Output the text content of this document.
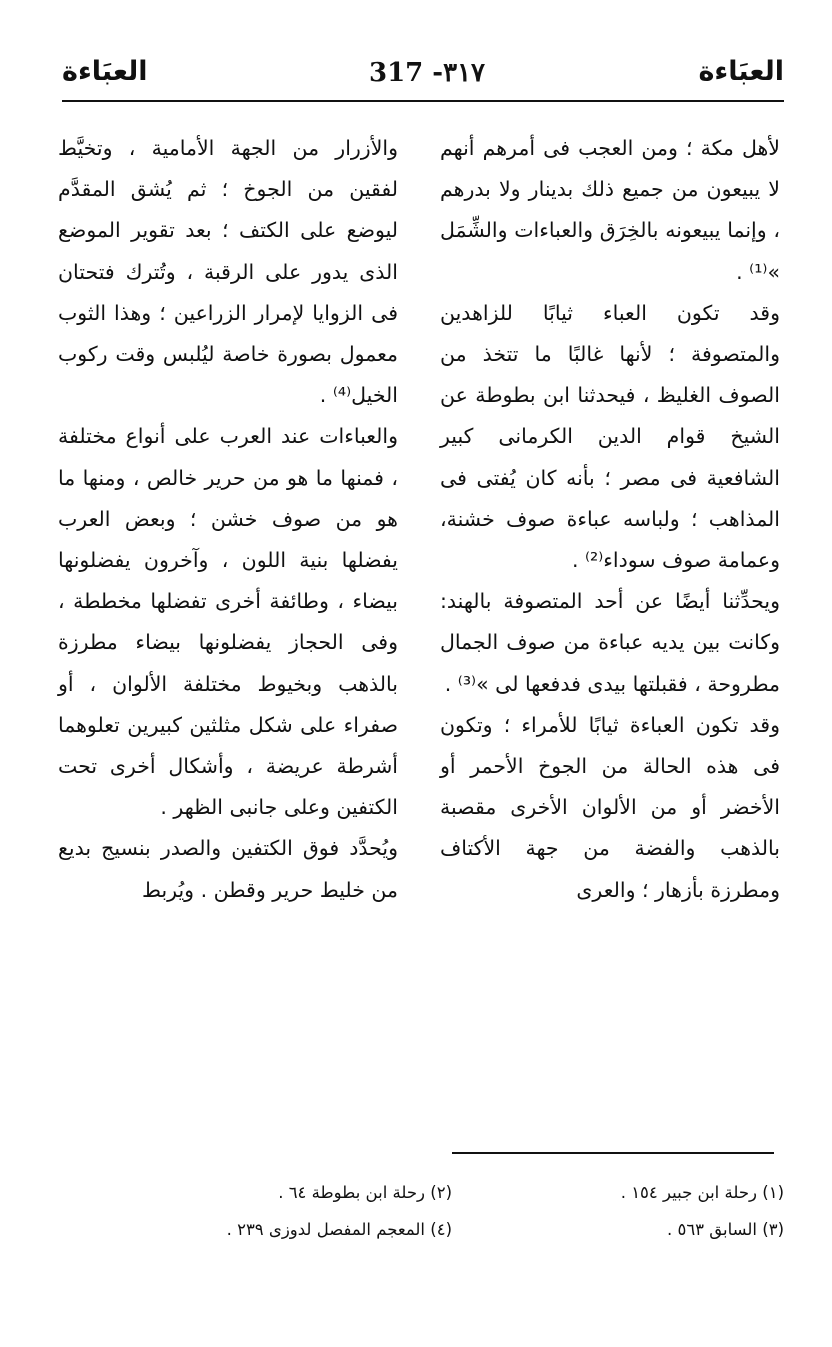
العبَاءة
317 -٣١٧
العبَاءة

لأهل مكة ؛ ومن العجب فى أمرهم أنهم لا يبيعون من جميع ذلك بدينار ولا بدرهم ، وإنما يبيعونه بالخِرَق والعباءات والشِّمَل »⁽¹⁾ .

وقد تكون العباء ثيابًا للزاهدين والمتصوفة ؛ لأنها غالبًا ما تتخذ من الصوف الغليظ ، فيحدثنا ابن بطوطة عن الشيخ قوام الدين الكرمانى كبير الشافعية فى مصر ؛ بأنه كان يُفتى فى المذاهب ؛ ولباسه عباءة صوف خشنة، وعمامة صوف سوداء⁽²⁾ .

ويحدِّثنا أيضًا عن أحد المتصوفة بالهند: وكانت بين يديه عباءة من صوف الجمال مطروحة ، فقبلتها بيدى فدفعها لى »⁽³⁾ .

وقد تكون العباءة ثيابًا للأمراء ؛ وتكون فى هذه الحالة من الجوخ الأحمر أو الأخضر أو من الألوان الأخرى مقصبة بالذهب والفضة من جهة الأكتاف ومطرزة بأزهار ؛ والعرى

والأزرار من الجهة الأمامية ، وتخيَّط لفقين من الجوخ ؛ ثم يُشق المقدَّم ليوضع على الكتف ؛ بعد تقوير الموضع الذى يدور على الرقبة ، وتُترك فتحتان فى الزوايا لإمرار الزراعين ؛ وهذا الثوب معمول بصورة خاصة ليُلبس وقت ركوب الخيل⁽⁴⁾ .

والعباءات عند العرب على أنواع مختلفة ، فمنها ما هو من حرير خالص ، ومنها ما هو من صوف خشن ؛ وبعض العرب يفضلها بنية اللون ، وآخرون يفضلونها بيضاء ، وطائفة أخرى تفضلها مخططة ، وفى الحجاز يفضلونها بيضاء مطرزة بالذهب وبخيوط مختلفة الألوان ، أو صفراء على شكل مثلثين كبيرين تعلوهما أشرطة عريضة ، وأشكال أخرى تحت الكتفين وعلى جانبى الظهر .

ويُحدَّد فوق الكتفين والصدر بنسيج بديع من خليط حرير وقطن . ويُربط

(١) رحلة ابن جبير ١٥٤ .
(٢) رحلة ابن بطوطة ٦٤ .
(٣) السابق ٥٦٣ .
(٤) المعجم المفصل لدوزى ٢٣٩ .
